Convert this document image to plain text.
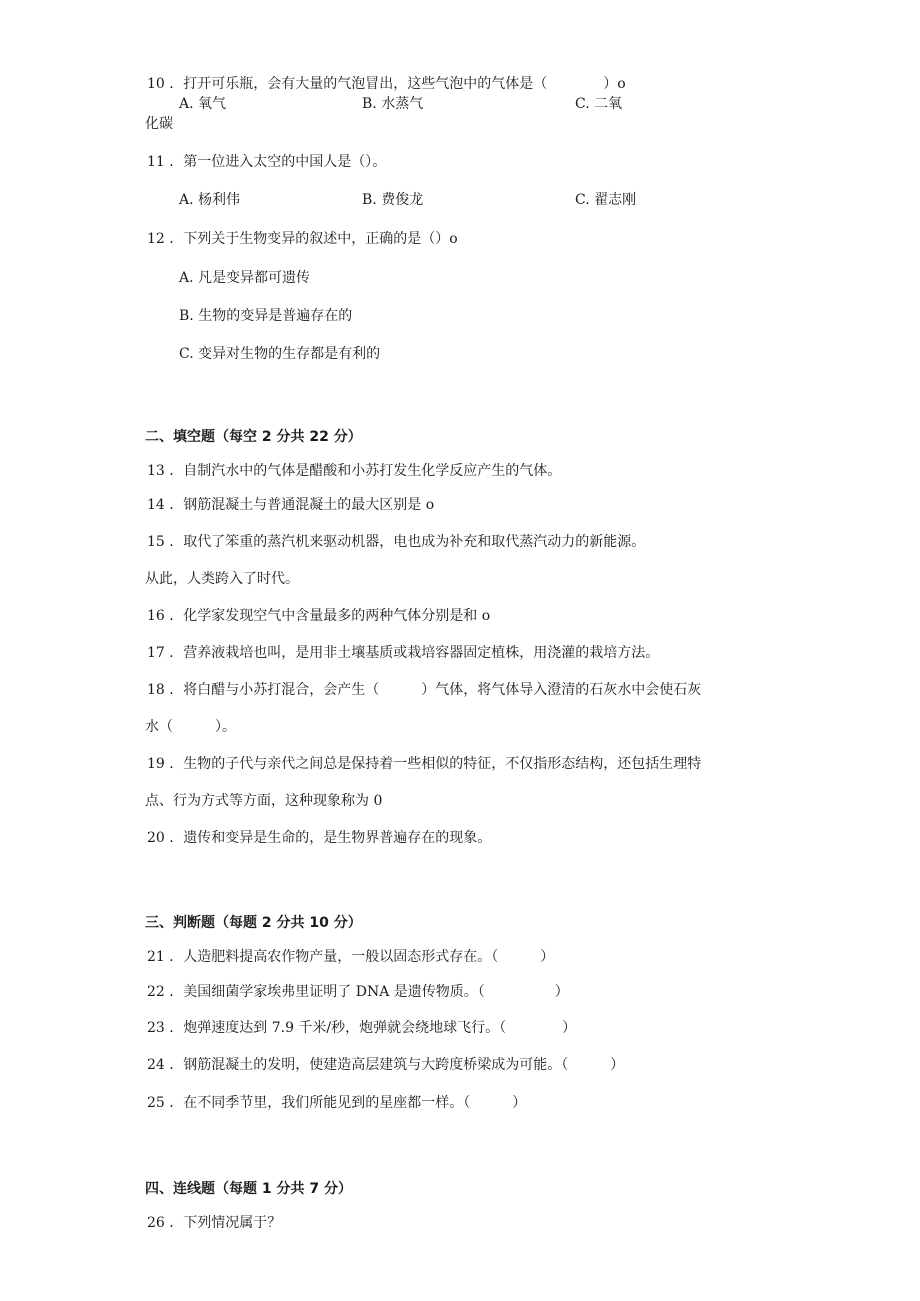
10 ．打开可乐瓶，会有大量的气泡冒出，这些气泡中的气体是（　　　　）o
A. 氧气	B. 水蒸气	C. 二氧
化碳
11 ．第一位进入太空的中国人是（）。
A. 杨利伟	B. 费俊龙	C. 翟志刚
12 ．下列关于生物变异的叙述中，正确的是（）o
A. 凡是变异都可遗传
B. 生物的变异是普遍存在的
C. 变异对生物的生存都是有利的
二、填空题（每空 2 分共 22 分）
13 ．自制汽水中的气体是醋酸和小苏打发生化学反应产生的气体。
14 ．钢筋混凝土与普通混凝土的最大区别是 o
15 ．取代了笨重的蒸汽机来驱动机器，电也成为补充和取代蒸汽动力的新能源。
从此，人类跨入了时代。
16 ．化学家发现空气中含量最多的两种气体分别是和 o
17 ．营养液栽培也叫，是用非土壤基质或栽培容器固定植株，用浇灌的栽培方法。
18 ．将白醋与小苏打混合，会产生（　　　）气体，将气体导入澄清的石灰水中会使石灰
水（　　　）。
19 ．生物的子代与亲代之间总是保持着一些相似的特征，不仅指形态结构，还包括生理特
点、行为方式等方面，这种现象称为 0
20 ．遗传和变异是生命的，是生物界普遍存在的现象。
三、判断题（每题 2 分共 10 分）
21 ．人造肥料提高农作物产量，一般以固态形式存在。（　　　）
22 ．美国细菌学家埃弗里证明了 DNA 是遗传物质。（　　　　　）
23 ．炮弹速度达到 7.9 千米/秒，炮弹就会绕地球飞行。（　　　　）
24 ．钢筋混凝土的发明，使建造高层建筑与大跨度桥梁成为可能。（　　　）
25 ．在不同季节里，我们所能见到的星座都一样。（　　　）
四、连线题（每题 1 分共 7 分）
26 ．下列情况属于？
